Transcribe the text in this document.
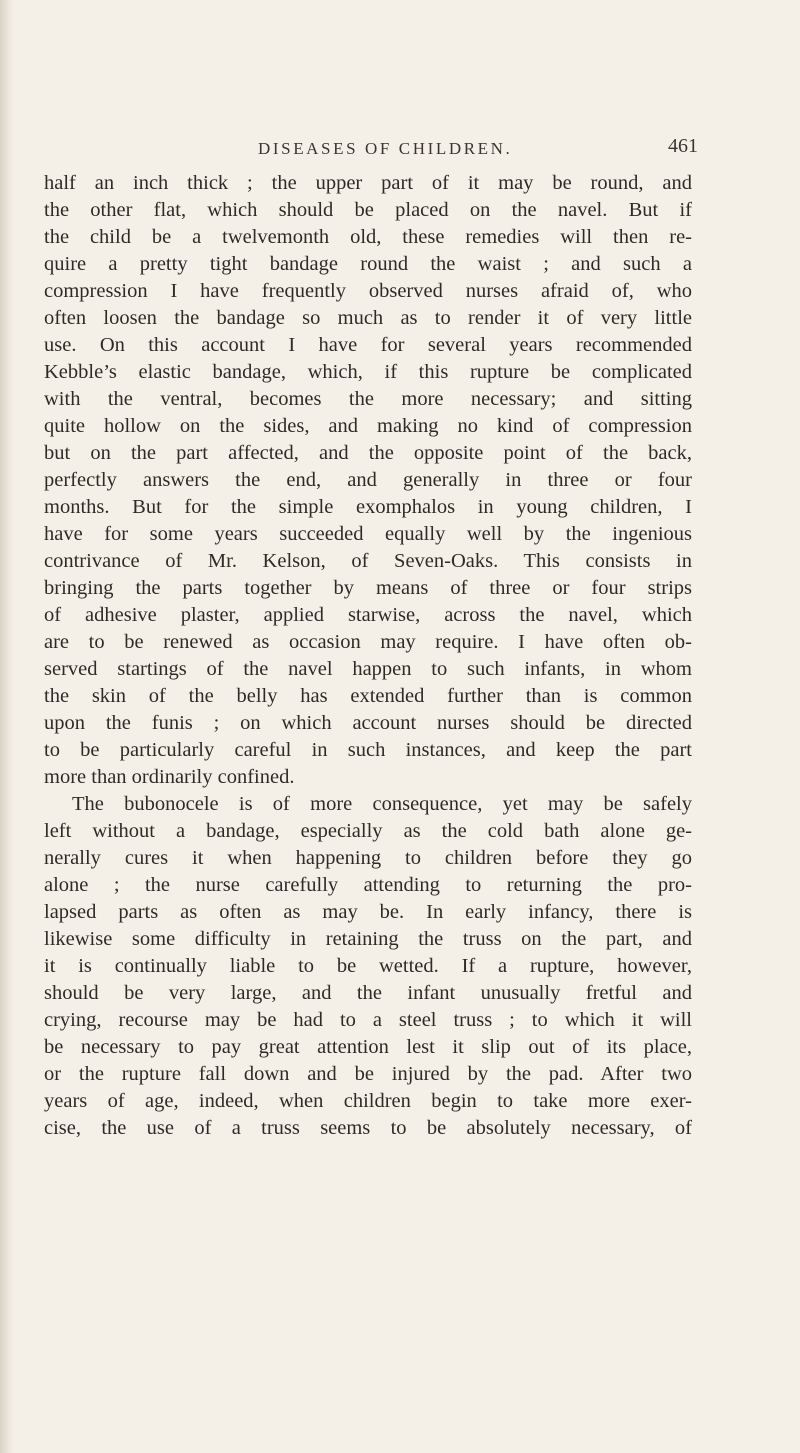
DISEASES OF CHILDREN.	461
half an inch thick ; the upper part of it may be round, and
the other flat, which should be placed on the navel. But if
the child be a twelvemonth old, these remedies will then re-
quire a pretty tight bandage round the waist ; and such a
compression I have frequently observed nurses afraid of, who
often loosen the bandage so much as to render it of very little
use. On this account I have for several years recommended
Kebble’s elastic bandage, which, if this rupture be complicated
with the ventral, becomes the more necessary; and sitting
quite hollow on the sides, and making no kind of compression
but on the part affected, and the opposite point of the back,
perfectly answers the end, and generally in three or four
months. But for the simple exomphalos in young children, I
have for some years succeeded equally well by the ingenious
contrivance of Mr. Kelson, of Seven-Oaks. This consists in
bringing the parts together by means of three or four strips
of adhesive plaster, applied starwise, across the navel, which
are to be renewed as occasion may require. I have often ob-
served startings of the navel happen to such infants, in whom
the skin of the belly has extended further than is common
upon the funis ; on which account nurses should be directed
to be particularly careful in such instances, and keep the part
more than ordinarily confined.
The bubonocele is of more consequence, yet may be safely
left without a bandage, especially as the cold bath alone ge-
nerally cures it when happening to children before they go
alone ; the nurse carefully attending to returning the pro-
lapsed parts as often as may be. In early infancy, there is
likewise some difficulty in retaining the truss on the part, and
it is continually liable to be wetted. If a rupture, however,
should be very large, and the infant unusually fretful and
crying, recourse may be had to a steel truss ; to which it will
be necessary to pay great attention lest it slip out of its place,
or the rupture fall down and be injured by the pad. After two
years of age, indeed, when children begin to take more exer-
cise, the use of a truss seems to be absolutely necessary, of
